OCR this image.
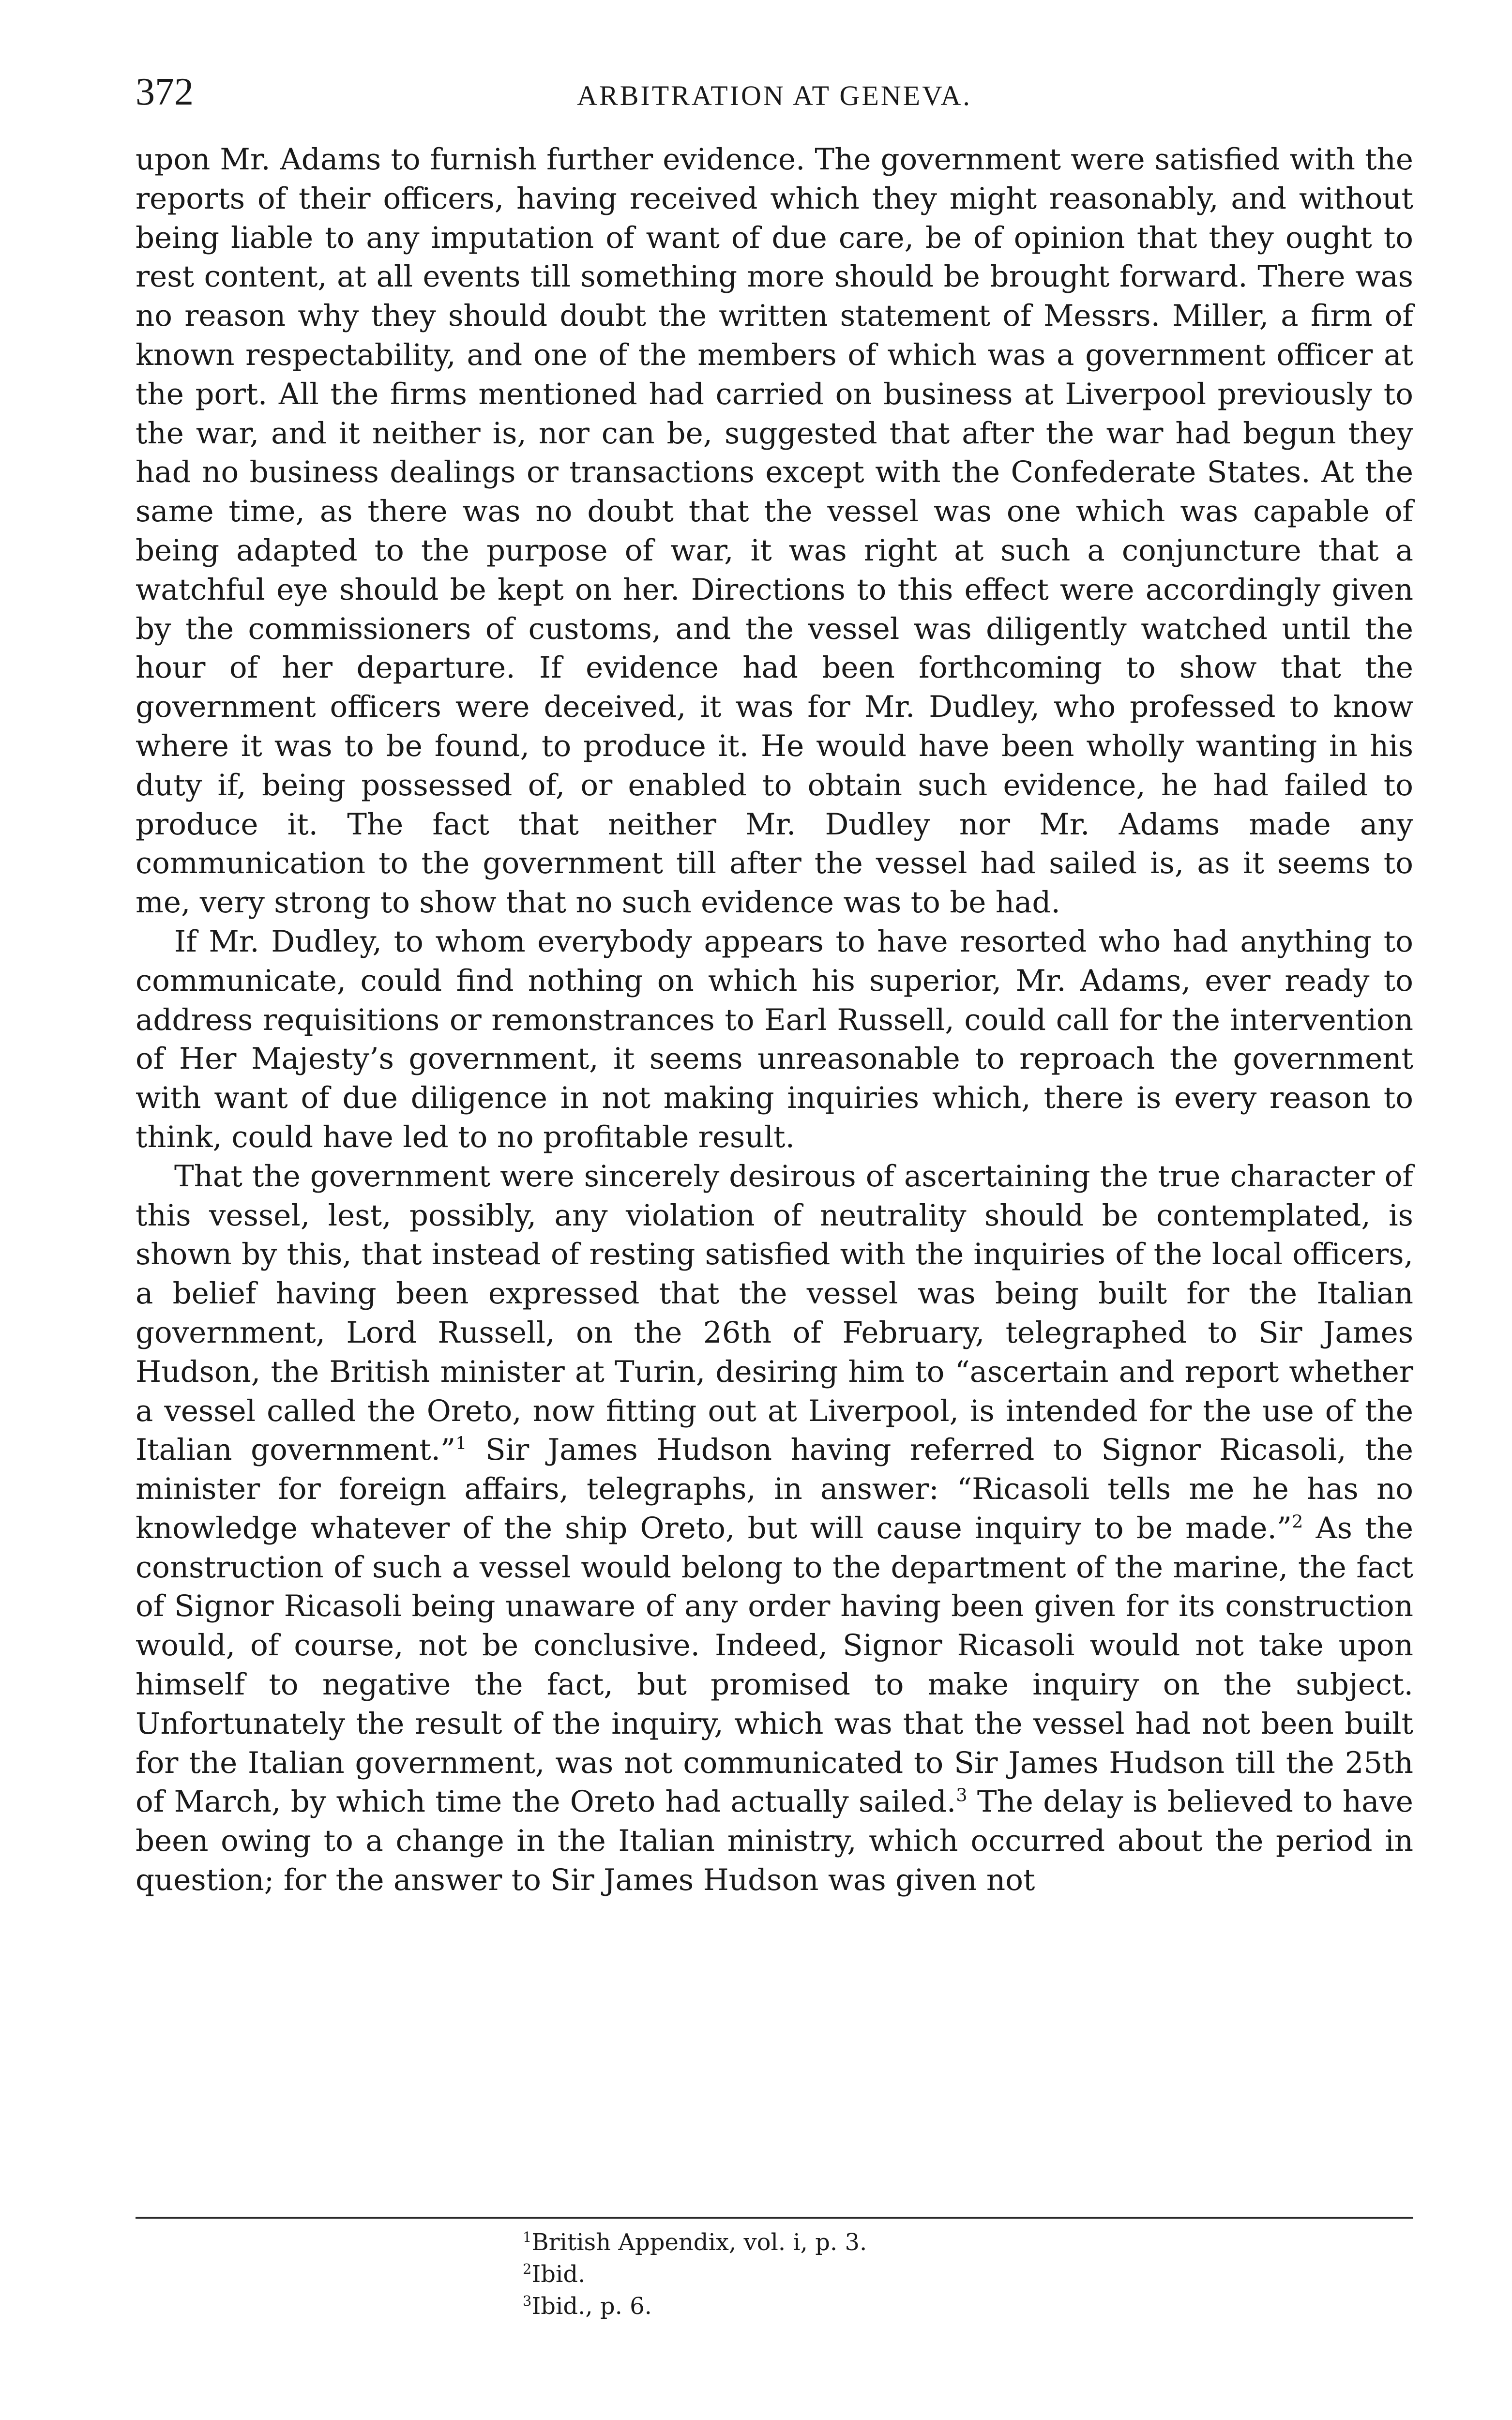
372	ARBITRATION AT GENEVA.

upon Mr. Adams to furnish further evidence. The government were satisfied with the reports of their officers, having received which they might reasonably, and without being liable to any imputation of want of due care, be of opinion that they ought to rest content, at all events till something more should be brought forward. There was no reason why they should doubt the written statement of Messrs. Miller, a firm of known respectability, and one of the members of which was a government officer at the port. All the firms mentioned had carried on business at Liverpool previously to the war, and it neither is, nor can be, suggested that after the war had begun they had no business dealings or transactions except with the Confederate States. At the same time, as there was no doubt that the vessel was one which was capable of being adapted to the purpose of war, it was right at such a conjuncture that a watchful eye should be kept on her. Directions to this effect were accordingly given by the commissioners of customs, and the vessel was diligently watched until the hour of her departure. If evidence had been forthcoming to show that the government officers were deceived, it was for Mr. Dudley, who professed to know where it was to be found, to produce it. He would have been wholly wanting in his duty if, being possessed of, or enabled to obtain such evidence, he had failed to produce it. The fact that neither Mr. Dudley nor Mr. Adams made any communication to the government till after the vessel had sailed is, as it seems to me, very strong to show that no such evidence was to be had.

If Mr. Dudley, to whom everybody appears to have resorted who had anything to communicate, could find nothing on which his superior, Mr. Adams, ever ready to address requisitions or remonstrances to Earl Russell, could call for the intervention of Her Majesty’s government, it seems unreasonable to reproach the government with want of due diligence in not making inquiries which, there is every reason to think, could have led to no profitable result.

That the government were sincerely desirous of ascertaining the true character of this vessel, lest, possibly, any violation of neutrality should be contemplated, is shown by this, that instead of resting satisfied with the inquiries of the local officers, a belief having been expressed that the vessel was being built for the Italian government, Lord Russell, on the 26th of February, telegraphed to Sir James Hudson, the British minister at Turin, desiring him to “ascertain and report whether a vessel called the Oreto, now fitting out at Liverpool, is intended for the use of the Italian government.”$^1$ Sir James Hudson having referred to Signor Ricasoli, the minister for foreign affairs, telegraphs, in answer: “Ricasoli tells me he has no knowledge whatever of the ship Oreto, but will cause inquiry to be made.”$^2$ As the construction of such a vessel would belong to the department of the marine, the fact of Signor Ricasoli being unaware of any order having been given for its construction would, of course, not be conclusive. Indeed, Signor Ricasoli would not take upon himself to negative the fact, but promised to make inquiry on the subject. Unfortunately the result of the inquiry, which was that the vessel had not been built for the Italian government, was not communicated to Sir James Hudson till the 25th of March, by which time the Oreto had actually sailed.$^3$ The delay is believed to have been owing to a change in the Italian ministry, which occurred about the period in question; for the answer to Sir James Hudson was given not

$^1$British Appendix, vol. i, p. 3.
$^2$Ibid.
$^3$Ibid., p. 6.
